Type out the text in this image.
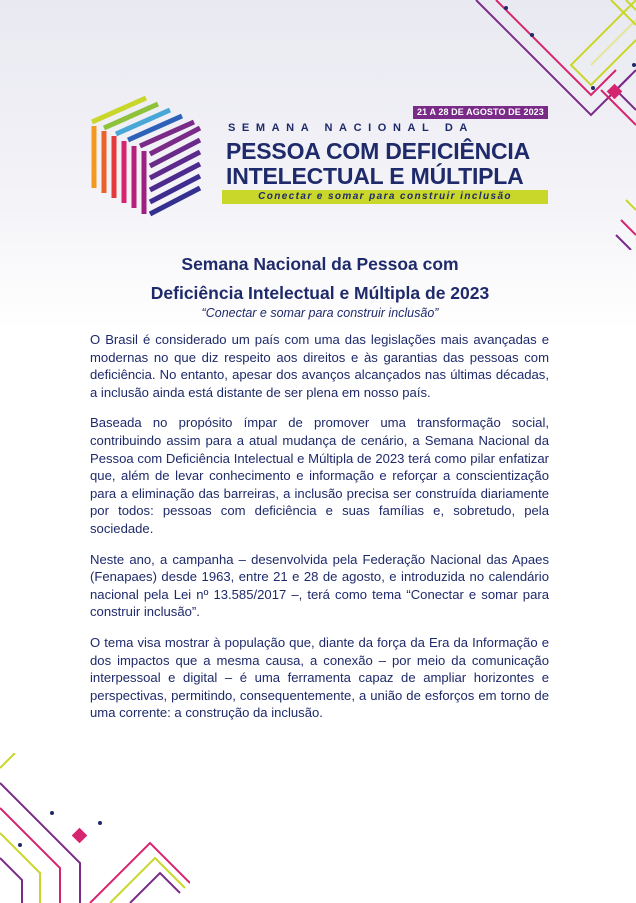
21 A 28 DE AGOSTO DE 2023
SEMANA NACIONAL DA
PESSOA COM DEFICIÊNCIA
INTELECTUAL E MÚLTIPLA
Conectar e somar para construir inclusão
Semana Nacional da Pessoa com
Deficiência Intelectual e Múltipla de 2023
“Conectar e somar para construir inclusão”

O Brasil é considerado um país com uma das legislações mais avançadas e modernas no que diz respeito aos direitos e às garantias das pessoas com deficiência. No entanto, apesar dos avanços alcançados nas últimas décadas, a inclusão ainda está distante de ser plena em nosso país.

Baseada no propósito ímpar de promover uma transformação social, contribuindo assim para a atual mudança de cenário, a Semana Nacional da Pessoa com Deficiência Intelectual e Múltipla de 2023 terá como pilar enfatizar que, além de levar conhecimento e informação e reforçar a conscientização para a eliminação das barreiras, a inclusão precisa ser construída diariamente por todos: pessoas com deficiência e suas famílias e, sobretudo, pela sociedade.

Neste ano, a campanha – desenvolvida pela Federação Nacional das Apaes (Fenapaes) desde 1963, entre 21 e 28 de agosto, e introduzida no calendário nacional pela Lei nº 13.585/2017 –, terá como tema “Conectar e somar para construir inclusão”.

O tema visa mostrar à população que, diante da força da Era da Informação e dos impactos que a mesma causa, a conexão – por meio da comunicação interpessoal e digital – é uma ferramenta capaz de ampliar horizontes e perspectivas, permitindo, consequentemente, a união de esforços em torno de uma corrente: a construção da inclusão.
